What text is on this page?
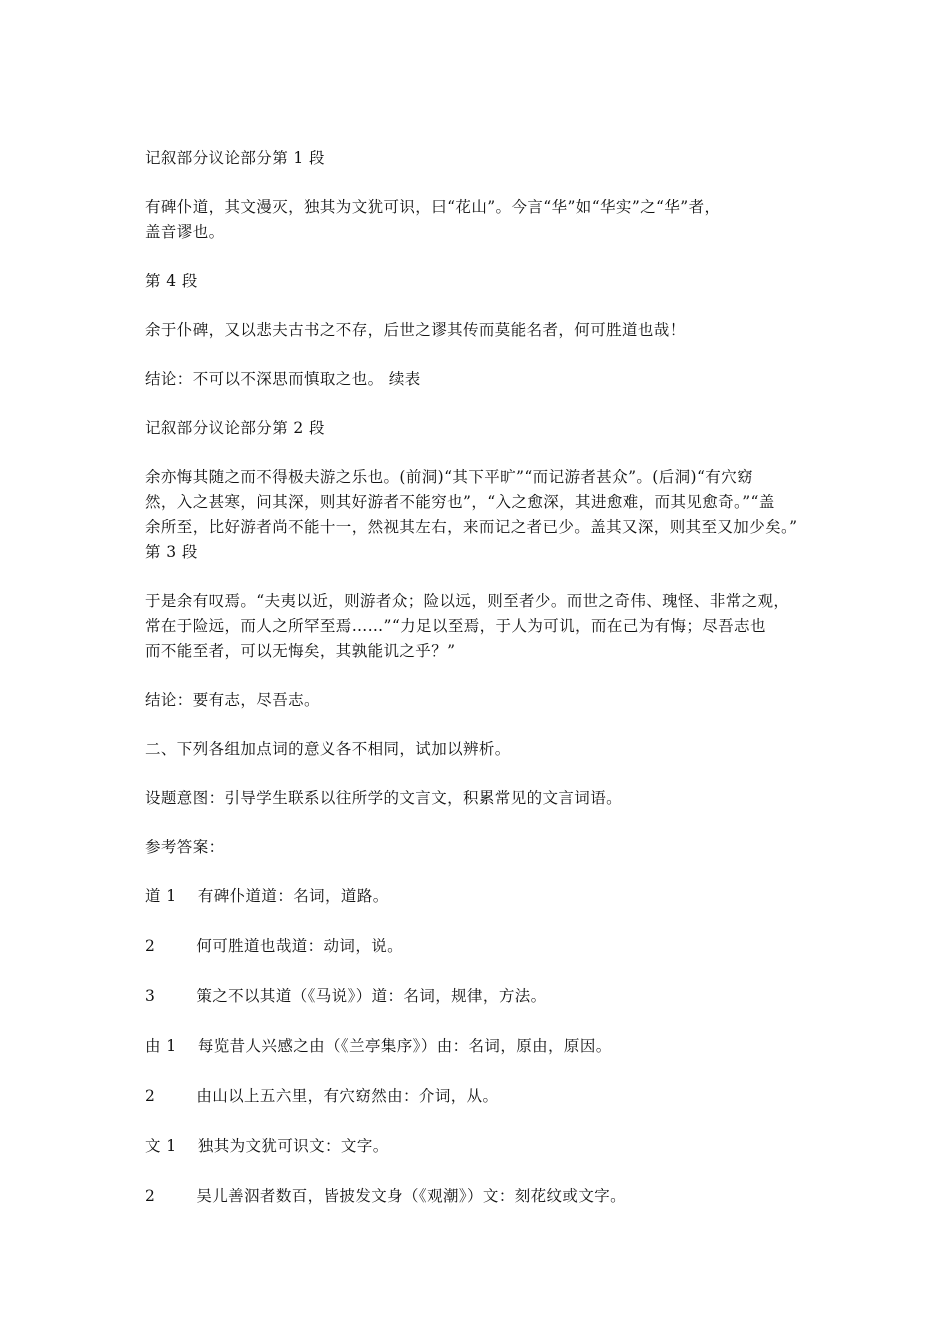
记叙部分议论部分第 1 段
有碑仆道，其文漫灭，独其为文犹可识，曰“花山”。今言“华”如“华实”之“华”者，
盖音谬也。
第 4 段
余于仆碑，又以悲夫古书之不存，后世之谬其传而莫能名者，何可胜道也哉！
结论：不可以不深思而慎取之也。 续表
记叙部分议论部分第 2 段
余亦悔其随之而不得极夫游之乐也。(前洞)“其下平旷”“而记游者甚众”。(后洞)“有穴窈
然，入之甚寒，问其深，则其好游者不能穷也”，“入之愈深，其进愈难，而其见愈奇。”“盖
余所至，比好游者尚不能十一，然视其左右，来而记之者已少。盖其又深，则其至又加少矣。”
第 3 段
于是余有叹焉。“夫夷以近，则游者众；险以远，则至者少。而世之奇伟、瑰怪、非常之观，
常在于险远，而人之所罕至焉……”“力足以至焉，于人为可讥，而在己为有悔；尽吾志也
而不能至者，可以无悔矣，其孰能讥之乎？”
结论：要有志，尽吾志。
二、下列各组加点词的意义各不相同，试加以辨析。
设题意图：引导学生联系以往所学的文言文，积累常见的文言词语。
参考答案：
道 1 有碑仆道道：名词，道路。
2	何可胜道也哉道：动词，说。
3	策之不以其道（《马说》）道：名词，规律，方法。
由 1 每览昔人兴感之由（《兰亭集序》）由：名词，原由，原因。
2	由山以上五六里，有穴窈然由：介词，从。
文 1 独其为文犹可识文：文字。
2	吴儿善泅者数百，皆披发文身（《观潮》）文：刻花纹或文字。
